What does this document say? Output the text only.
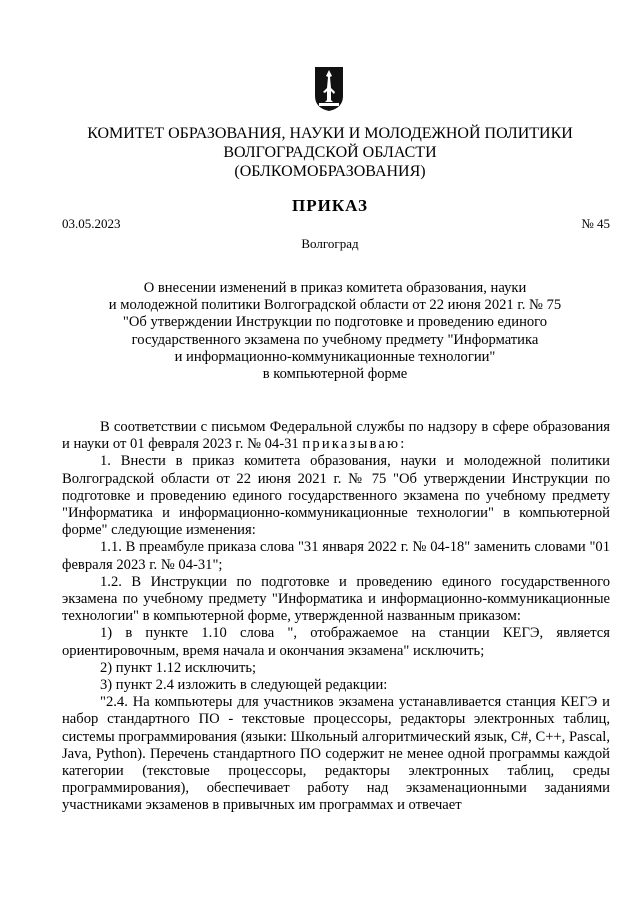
КОМИТЕТ ОБРАЗОВАНИЯ, НАУКИ И МОЛОДЕЖНОЙ ПОЛИТИКИ
ВОЛГОГРАДСКОЙ ОБЛАСТИ
(ОБЛКОМОБРАЗОВАНИЯ)
ПРИКАЗ
03.05.2023	№ 45
Волгоград
О внесении изменений в приказ комитета образования, науки
и молодежной политики Волгоградской области от 22 июня 2021 г. № 75
"Об утверждении Инструкции по подготовке и проведению единого
государственного экзамена по учебному предмету "Информатика
и информационно-коммуникационные технологии"
в компьютерной форме

В соответствии с письмом Федеральной службы по надзору в сфере образования и науки от 01 февраля 2023 г. № 04-31 приказываю:

1. Внести в приказ комитета образования, науки и молодежной политики Волгоградской области от 22 июня 2021 г. № 75 "Об утверждении Инструкции по подготовке и проведению единого государственного экзамена по учебному предмету "Информатика и информационно-коммуникационные технологии" в компьютерной форме" следующие изменения:

1.1. В преамбуле приказа слова "31 января 2022 г. № 04-18" заменить словами "01 февраля 2023 г. № 04-31";

1.2. В Инструкции по подготовке и проведению единого государственного экзамена по учебному предмету "Информатика и информационно-коммуникационные технологии" в компьютерной форме, утвержденной названным приказом:

1) в пункте 1.10 слова ", отображаемое на станции КЕГЭ, является ориентировочным, время начала и окончания экзамена" исключить;

2) пункт 1.12 исключить;

3) пункт 2.4 изложить в следующей редакции:

"2.4. На компьютеры для участников экзамена устанавливается станция КЕГЭ и набор стандартного ПО - текстовые процессоры, редакторы электронных таблиц, системы программирования (языки: Школьный алгоритмический язык, C#, C++, Pascal, Java, Python). Перечень стандартного ПО содержит не менее одной программы каждой категории (текстовые процессоры, редакторы электронных таблиц, среды программирования), обеспечивает работу над экзаменационными заданиями участниками экзаменов в привычных им программах и отвечает
